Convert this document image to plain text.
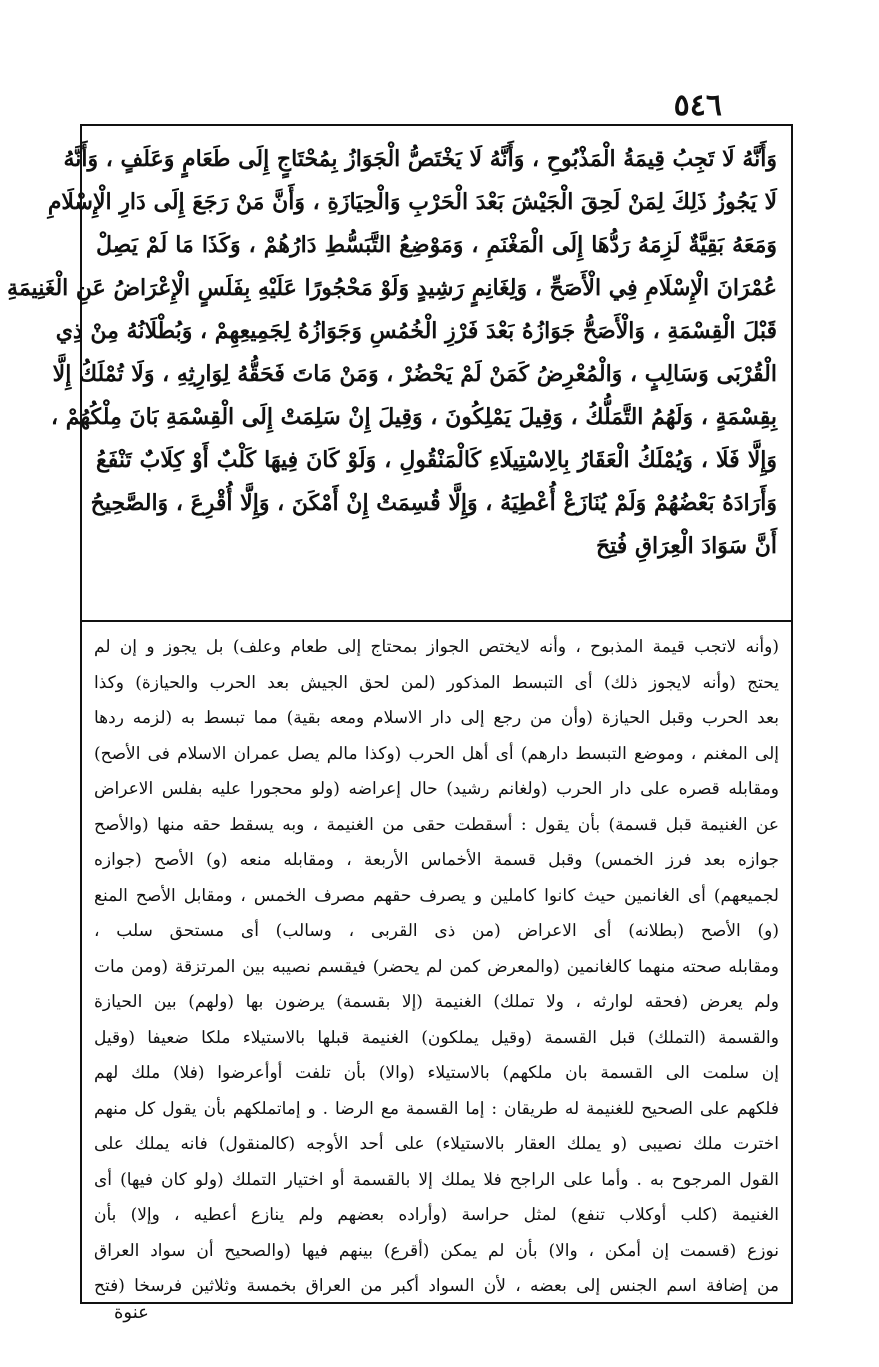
٥٤٦
وَأَنَّهُ لَا تَجِبُ قِيمَةُ الْمَذْبُوحِ ، وَأَنَّهُ لَا يَخْتَصُّ الْجَوَازُ بِمُحْتَاجٍ إِلَى طَعَامٍ وَعَلَفٍ ، وَأَنَّهُ
لَا يَجُوزُ ذَلِكَ لِمَنْ لَحِقَ الْجَيْشَ بَعْدَ الْحَرْبِ وَالْحِيَازَةِ ، وَأَنَّ مَنْ رَجَعَ إِلَى دَارِ الْإِسْلَامِ
وَمَعَهُ بَقِيَّةٌ لَزِمَهُ رَدُّهَا إِلَى الْمَغْنَمِ ، وَمَوْضِعُ التَّبَسُّطِ دَارُهُمْ ، وَكَذَا مَا لَمْ يَصِلْ
عُمْرَانَ الْإِسْلَامِ فِي الْأَصَحِّ ، وَلِغَانِمٍ رَشِيدٍ وَلَوْ مَحْجُورًا عَلَيْهِ بِفَلَسٍ الْإِعْرَاضُ عَنِ الْغَنِيمَةِ
قَبْلَ الْقِسْمَةِ ، وَالْأَصَحُّ جَوَازُهُ بَعْدَ فَرْزِ الْخُمُسِ وَجَوَازُهُ لِجَمِيعِهِمْ ، وَبُطْلَانُهُ مِنْ ذِي
الْقُرْبَى وَسَالِبٍ ، وَالْمُعْرِضُ كَمَنْ لَمْ يَحْضُرْ ، وَمَنْ مَاتَ فَحَقُّهُ لِوَارِثِهِ ، وَلَا تُمْلَكُ إِلَّا
بِقِسْمَةٍ ، وَلَهُمُ التَّمَلُّكُ ، وَقِيلَ يَمْلِكُونَ ، وَقِيلَ إِنْ سَلِمَتْ إِلَى الْقِسْمَةِ بَانَ مِلْكُهُمْ ،
وَإِلَّا فَلَا ، وَيُمْلَكُ الْعَقَارُ بِالِاسْتِيلَاءِ كَالْمَنْقُولِ ، وَلَوْ كَانَ فِيهَا كَلْبٌ أَوْ كِلَابٌ تَنْفَعُ
وَأَرَادَهُ بَعْضُهُمْ وَلَمْ يُنَازَعْ أُعْطِيَهُ ، وَإِلَّا قُسِمَتْ إِنْ أَمْكَنَ ، وَإِلَّا أُقْرِعَ ، وَالصَّحِيحُ
أَنَّ سَوَادَ الْعِرَاقِ فُتِحَ
(وأنه لاتجب قيمة المذبوح ، وأنه لايختص الجواز بمحتاج إلى طعام وعلف) بل يجوز و إن لم
يحتج (وأنه لايجوز ذلك) أى التبسط المذكور (لمن لحق الجيش بعد الحرب والحيازة) وكذا
بعد الحرب وقبل الحيازة (وأن من رجع إلى دار الاسلام ومعه بقية) مما تبسط به (لزمه ردها
إلى المغنم ، وموضع التبسط دارهم) أى أهل الحرب (وكذا مالم يصل عمران الاسلام فى الأصح)
ومقابله قصره على دار الحرب (ولغانم رشيد) حال إعراضه (ولو محجورا عليه بفلس الاعراض
عن الغنيمة قبل قسمة) بأن يقول : أسقطت حقى من الغنيمة ، وبه يسقط حقه منها (والأصح
جوازه بعد فرز الخمس) وقبل قسمة الأخماس الأربعة ، ومقابله منعه (و) الأصح (جوازه
لجميعهم) أى الغانمين حيث كانوا كاملين و يصرف حقهم مصرف الخمس ، ومقابل الأصح المنع
(و) الأصح (بطلانه) أى الاعراض (من ذى القربى ، وسالب) أى مستحق سلب ،
ومقابله صحته منهما كالغانمين (والمعرض كمن لم يحضر) فيقسم نصيبه بين المرتزقة (ومن مات
ولم يعرض (فحقه لوارثه ، ولا تملك) الغنيمة (إلا بقسمة) يرضون بها (ولهم) بين الحيازة
والقسمة (التملك) قبل القسمة (وقيل يملكون) الغنيمة قبلها بالاستيلاء ملكا ضعيفا (وقيل
إن سلمت الى القسمة بان ملكهم) بالاستيلاء (والا) بأن تلفت أوأعرضوا (فلا) ملك لهم
فلكهم على الصحيح للغنيمة له طريقان : إما القسمة مع الرضا . و إماتملكهم بأن يقول كل منهم
اخترت ملك نصيبى (و يملك العقار بالاستيلاء) على أحد الأوجه (كالمنقول) فانه يملك على
القول المرجوح به . وأما على الراجح فلا يملك إلا بالقسمة أو اختيار التملك (ولو كان فيها) أى
الغنيمة (كلب أوكلاب تنفع) لمثل حراسة (وأراده بعضهم ولم ينازع أعطيه ، وإلا) بأن
نوزع (قسمت إن أمكن ، والا) بأن لم يمكن (أقرع) بينهم فيها (والصحيح أن سواد العراق
من إضافة اسم الجنس إلى بعضه ، لأن السواد أكبر من العراق بخمسة وثلاثين فرسخا (فتح
عنوة
